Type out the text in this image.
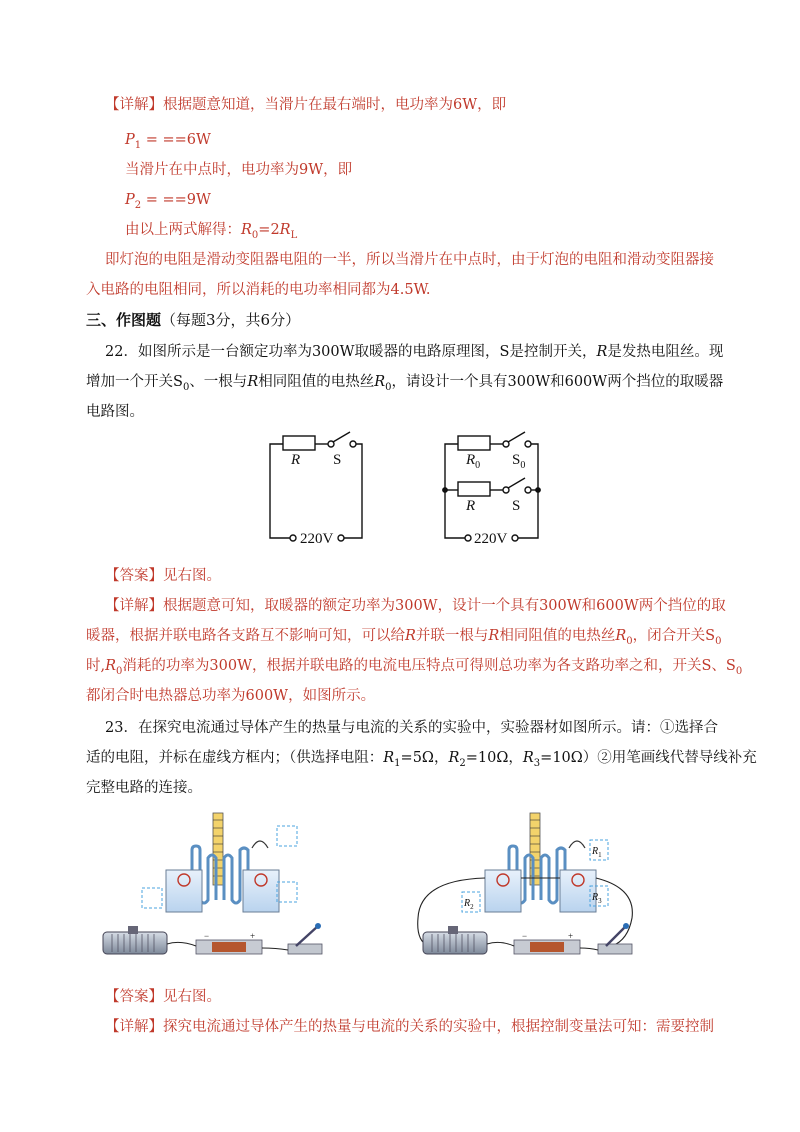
【详解】根据题意知道，当滑片在最右端时，电功率为6W，即
$P_1 = ==6W$
当滑片在中点时，电功率为9W，即
$P_2 = ==9W$
由以上两式解得：$R_0=2R_L$
即灯泡的电阻是滑动变阻器电阻的一半，所以当滑片在中点时，由于灯泡的电阻和滑动变阻器接
入电路的电阻相同，所以消耗的电功率相同都为4.5W.
三、作图题（每题3分，共6分）
22．如图所示是一台额定功率为300W取暖器的电路原理图，S是控制开关，R是发热电阻丝。现
增加一个开关$S_0$、一根与R相同阻值的电热丝$R_0$，请设计一个具有300W和600W两个挡位的取暖器
电路图。
R S
220V
$R_0$ $S_0$
R S
220V
【答案】见右图。
【详解】根据题意可知，取暖器的额定功率为300W，设计一个具有300W和600W两个挡位的取
暖器，根据并联电路各支路互不影响可知，可以给R并联一根与R相同阻值的电热丝$R_0$，闭合开关$S_0$
时$,R_0$消耗的功率为300W，根据并联电路的电流电压特点可得则总功率为各支路功率之和，开关S、$S_0$
都闭合时电热器总功率为600W，如图所示。
23．在探究电流通过导体产生的热量与电流的关系的实验中，实验器材如图所示。请：①选择合
适的电阻，并标在虚线方框内；（供选择电阻：$R_1=5\Omega$，$R_2=10\Omega$，$R_3=10\Omega)②$用笔画线代替导线补充
完整电路的连接。
−	+
$R_1$
$R_2$
$R_3$
−	+
【答案】见右图。
【详解】探究电流通过导体产生的热量与电流的关系的实验中，根据控制变量法可知：需要控制
